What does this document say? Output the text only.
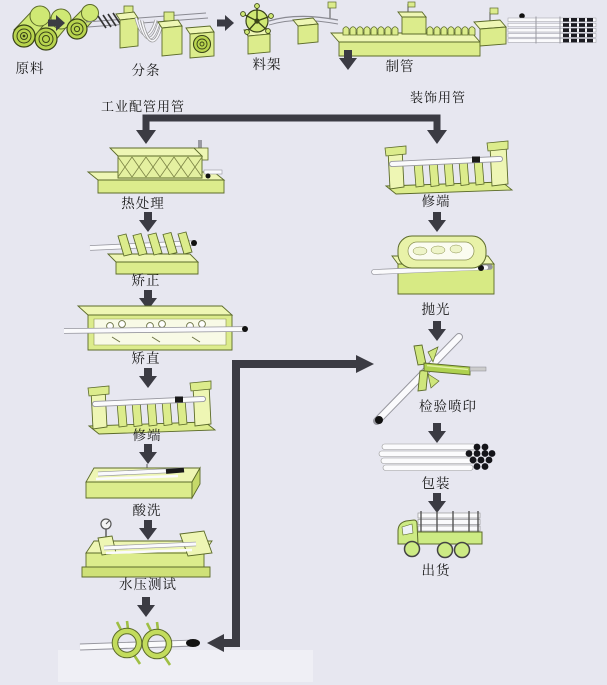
原料	分条	料架	制管
工业配管用管
装饰用管
热处理
矫正
矫直
修端
酸洗
水压测试
修端
抛光
检验喷印
包装
出货
